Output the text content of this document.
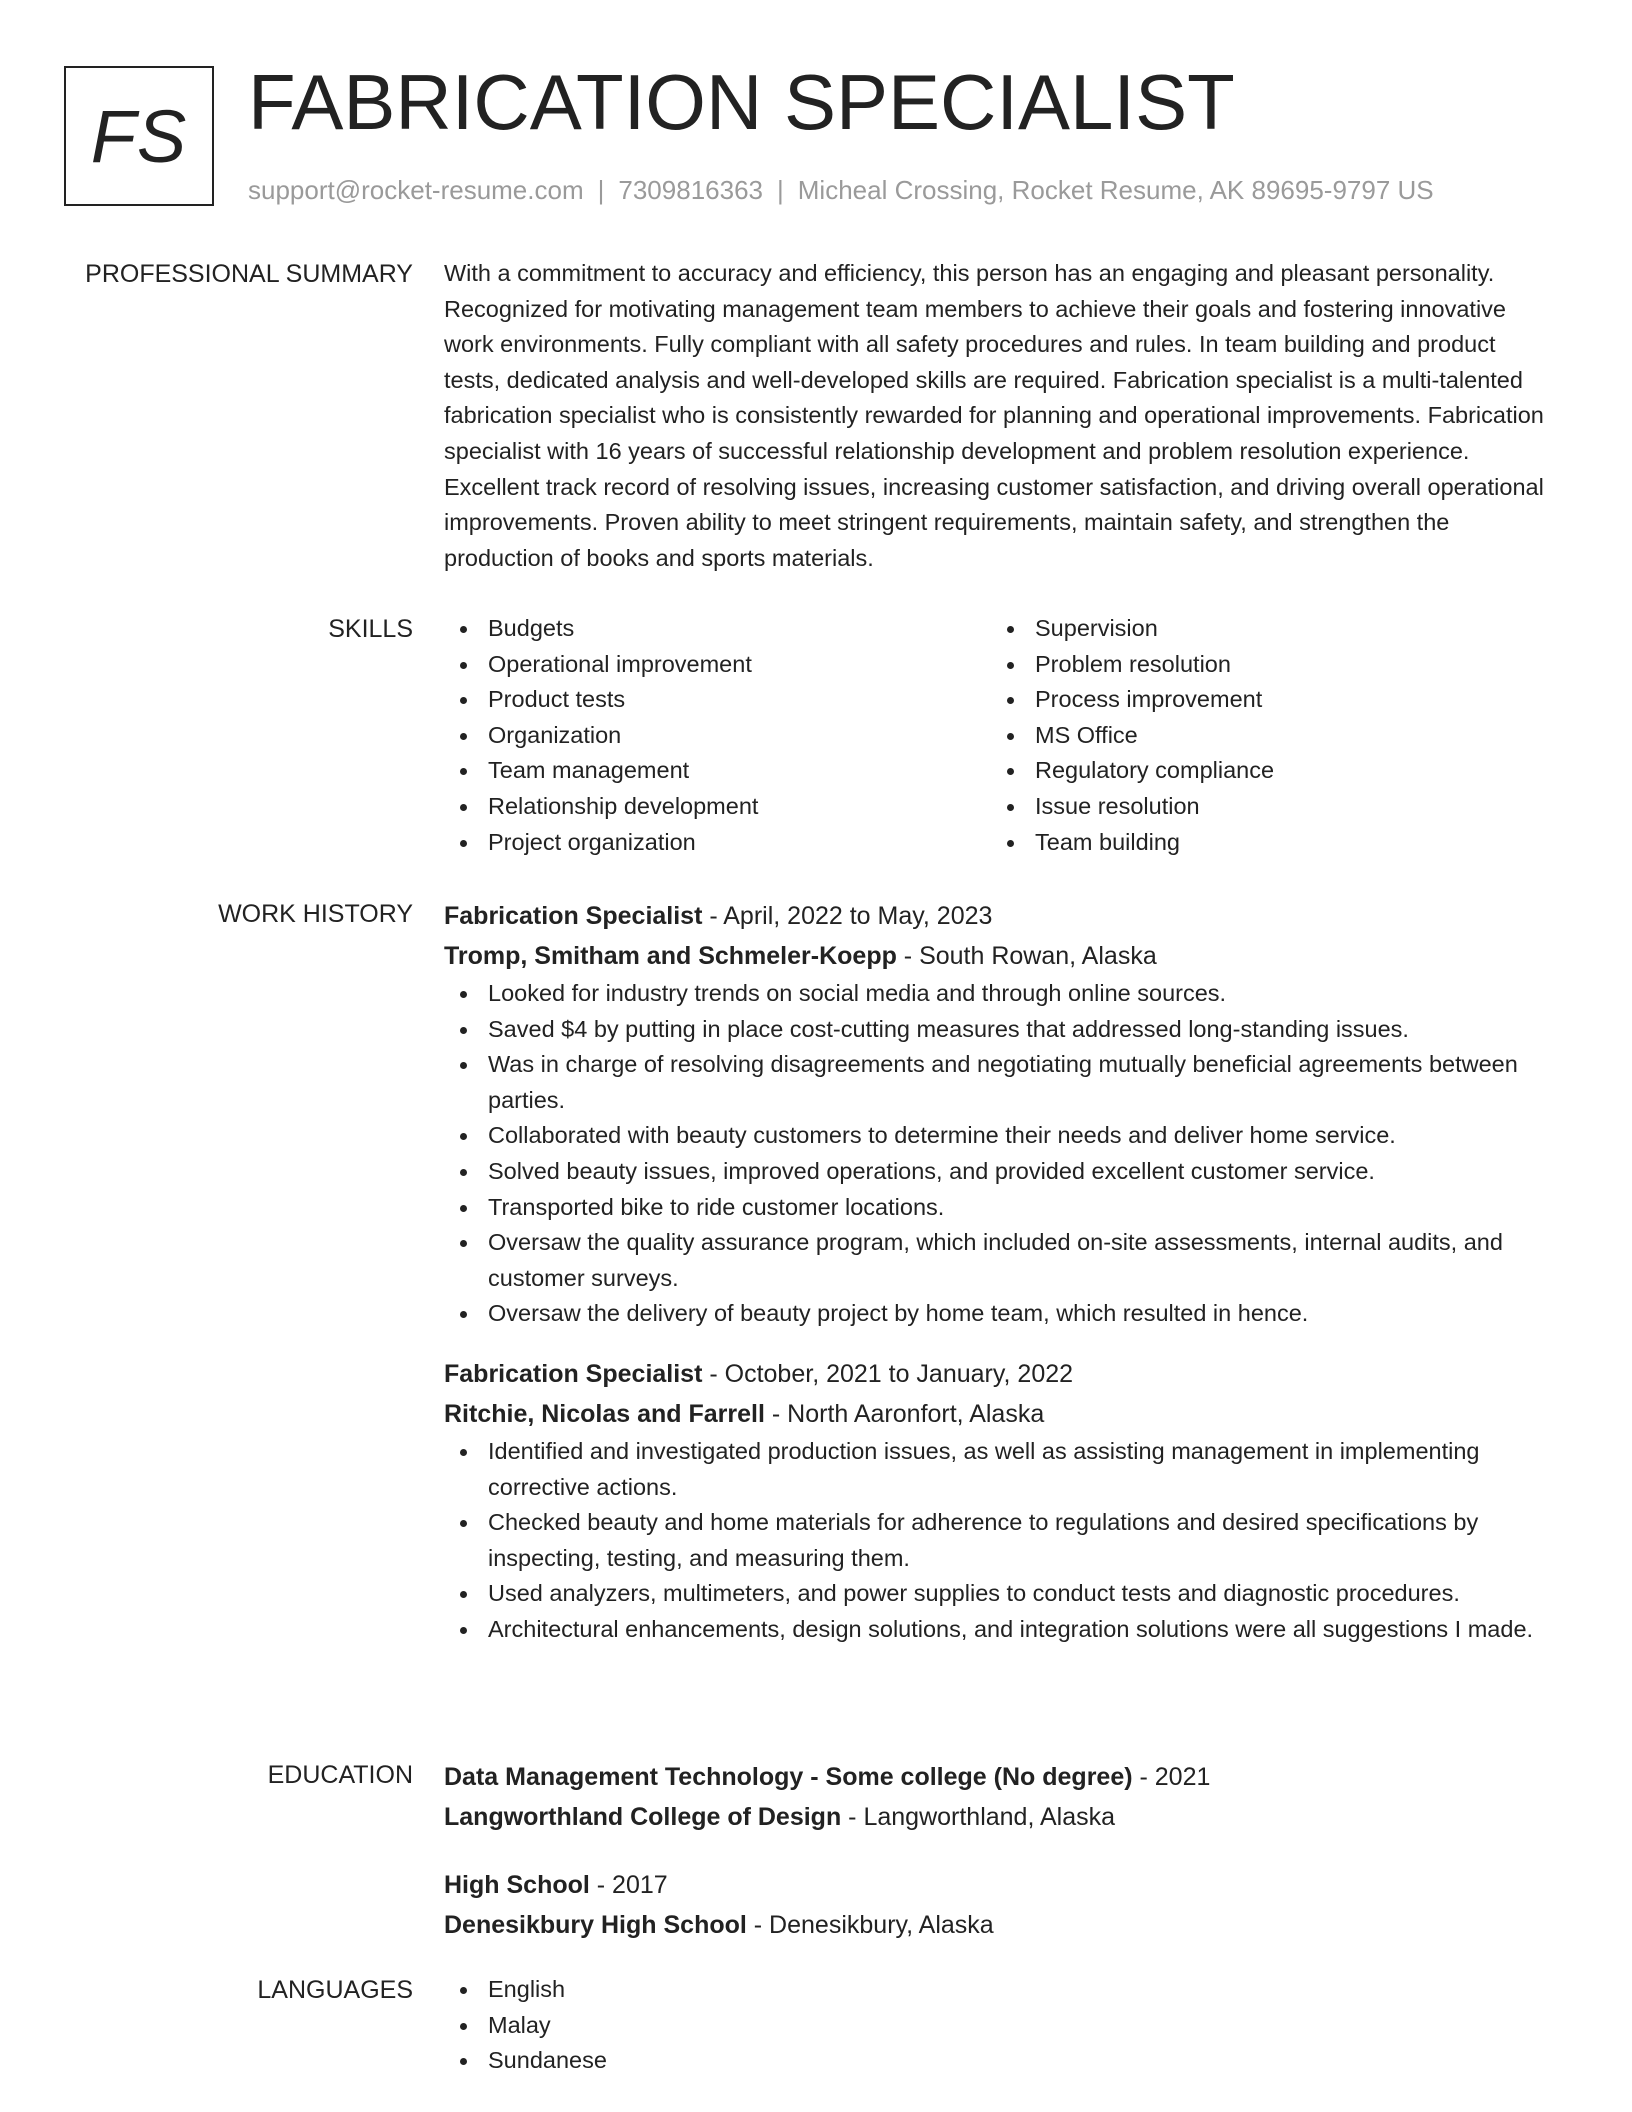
FS FABRICATION SPECIALIST
support@rocket-resume.com | 7309816363 | Micheal Crossing, Rocket Resume, AK 89695-9797 US
PROFESSIONAL SUMMARY With a commitment to accuracy and efficiency, this person has an engaging and pleasant personality. Recognized for motivating management team members to achieve their goals and fostering innovative work environments. Fully compliant with all safety procedures and rules. In team building and product tests, dedicated analysis and well-developed skills are required. Fabrication specialist is a multi-talented fabrication specialist who is consistently rewarded for planning and operational improvements. Fabrication specialist with 16 years of successful relationship development and problem resolution experience. Excellent track record of resolving issues, increasing customer satisfaction, and driving overall operational improvements. Proven ability to meet stringent requirements, maintain safety, and strengthen the production of books and sports materials.

SKILLS	Budgets
Operational improvement
Product tests
Organization
Team management
Relationship development
Project organization
Supervision
Problem resolution
Process improvement
MS Office
Regulatory compliance
Issue resolution
Team building
WORK HISTORY Fabrication Specialist - April, 2022 to May, 2023
Tromp, Smitham and Schmeler-Koepp - South Rowan, Alaska
Looked for industry trends on social media and through online sources.
Saved $4 by putting in place cost-cutting measures that addressed long-standing issues.
Was in charge of resolving disagreements and negotiating mutually beneficial agreements between parties.
Collaborated with beauty customers to determine their needs and deliver home service.
Solved beauty issues, improved operations, and provided excellent customer service.
Transported bike to ride customer locations.
Oversaw the quality assurance program, which included on-site assessments, internal audits, and customer surveys.
Oversaw the delivery of beauty project by home team, which resulted in hence.
Fabrication Specialist - October, 2021 to January, 2022
Ritchie, Nicolas and Farrell - North Aaronfort, Alaska
Identified and investigated production issues, as well as assisting management in implementing corrective actions.
Checked beauty and home materials for adherence to regulations and desired specifications by inspecting, testing, and measuring them.
Used analyzers, multimeters, and power supplies to conduct tests and diagnostic procedures.
Architectural enhancements, design solutions, and integration solutions were all suggestions I made.
EDUCATION Data Management Technology - Some college (No degree) - 2021
Langworthland College of Design - Langworthland, Alaska
High School - 2017
Denesikbury High School - Denesikbury, Alaska
LANGUAGES	English
Malay
Sundanese
